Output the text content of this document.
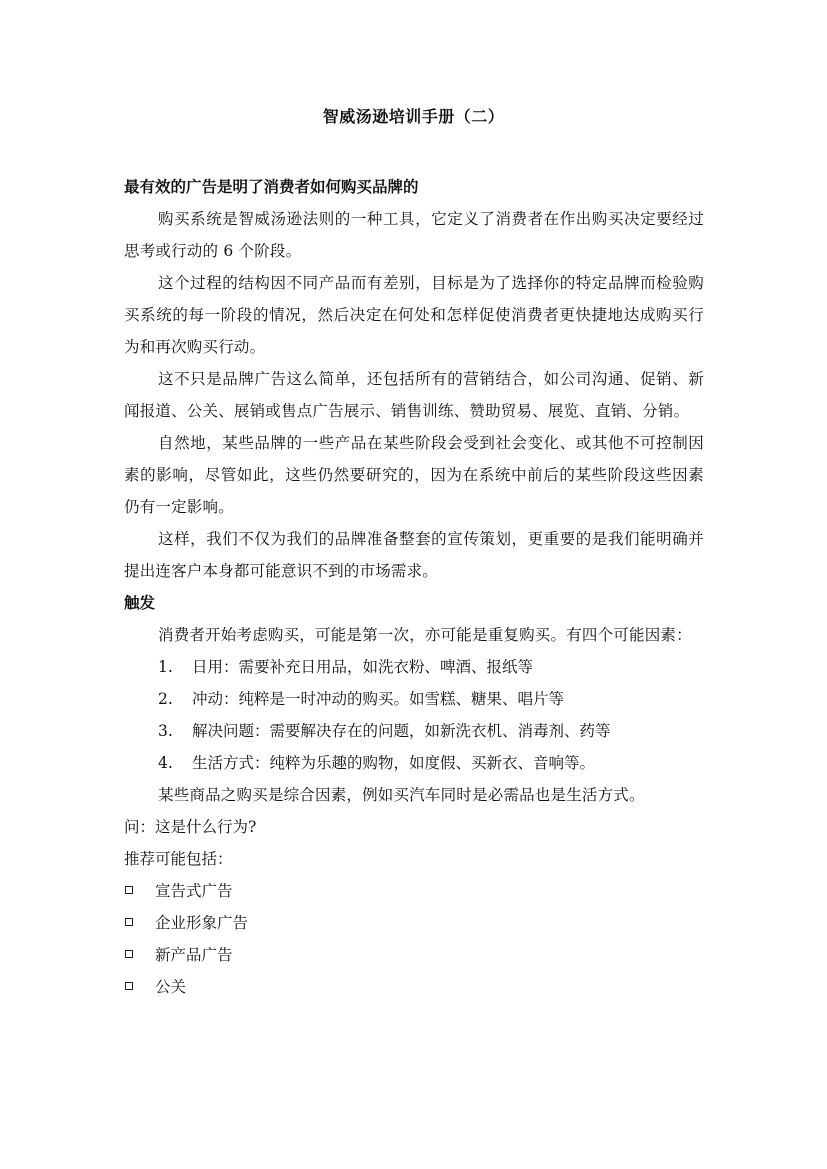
智威汤逊培训手册（二）

最有效的广告是明了消费者如何购买品牌的

购买系统是智威汤逊法则的一种工具，它定义了消费者在作出购买决定要经过思考或行动的 6 个阶段。

这个过程的结构因不同产品而有差别，目标是为了选择你的特定品牌而检验购买系统的每一阶段的情况，然后决定在何处和怎样促使消费者更快捷地达成购买行为和再次购买行动。

这不只是品牌广告这么简单，还包括所有的营销结合，如公司沟通、促销、新闻报道、公关、展销或售点广告展示、销售训练、赞助贸易、展览、直销、分销。

自然地，某些品牌的一些产品在某些阶段会受到社会变化、或其他不可控制因素的影响，尽管如此，这些仍然要研究的，因为在系统中前后的某些阶段这些因素仍有一定影响。

这样，我们不仅为我们的品牌准备整套的宣传策划，更重要的是我们能明确并提出连客户本身都可能意识不到的市场需求。

触发

消费者开始考虑购买，可能是第一次，亦可能是重复购买。有四个可能因素：

1. 日用：需要补充日用品，如洗衣粉、啤酒、报纸等
2. 冲动：纯粹是一时冲动的购买。如雪糕、糖果、唱片等
3. 解决问题：需要解决存在的问题，如新洗衣机、消毒剂、药等
4. 生活方式：纯粹为乐趣的购物，如度假、买新衣、音响等。

某些商品之购买是综合因素，例如买汽车同时是必需品也是生活方式。

问：这是什么行为?

推荐可能包括：

宣告式广告
企业形象广告
新产品广告
公关
